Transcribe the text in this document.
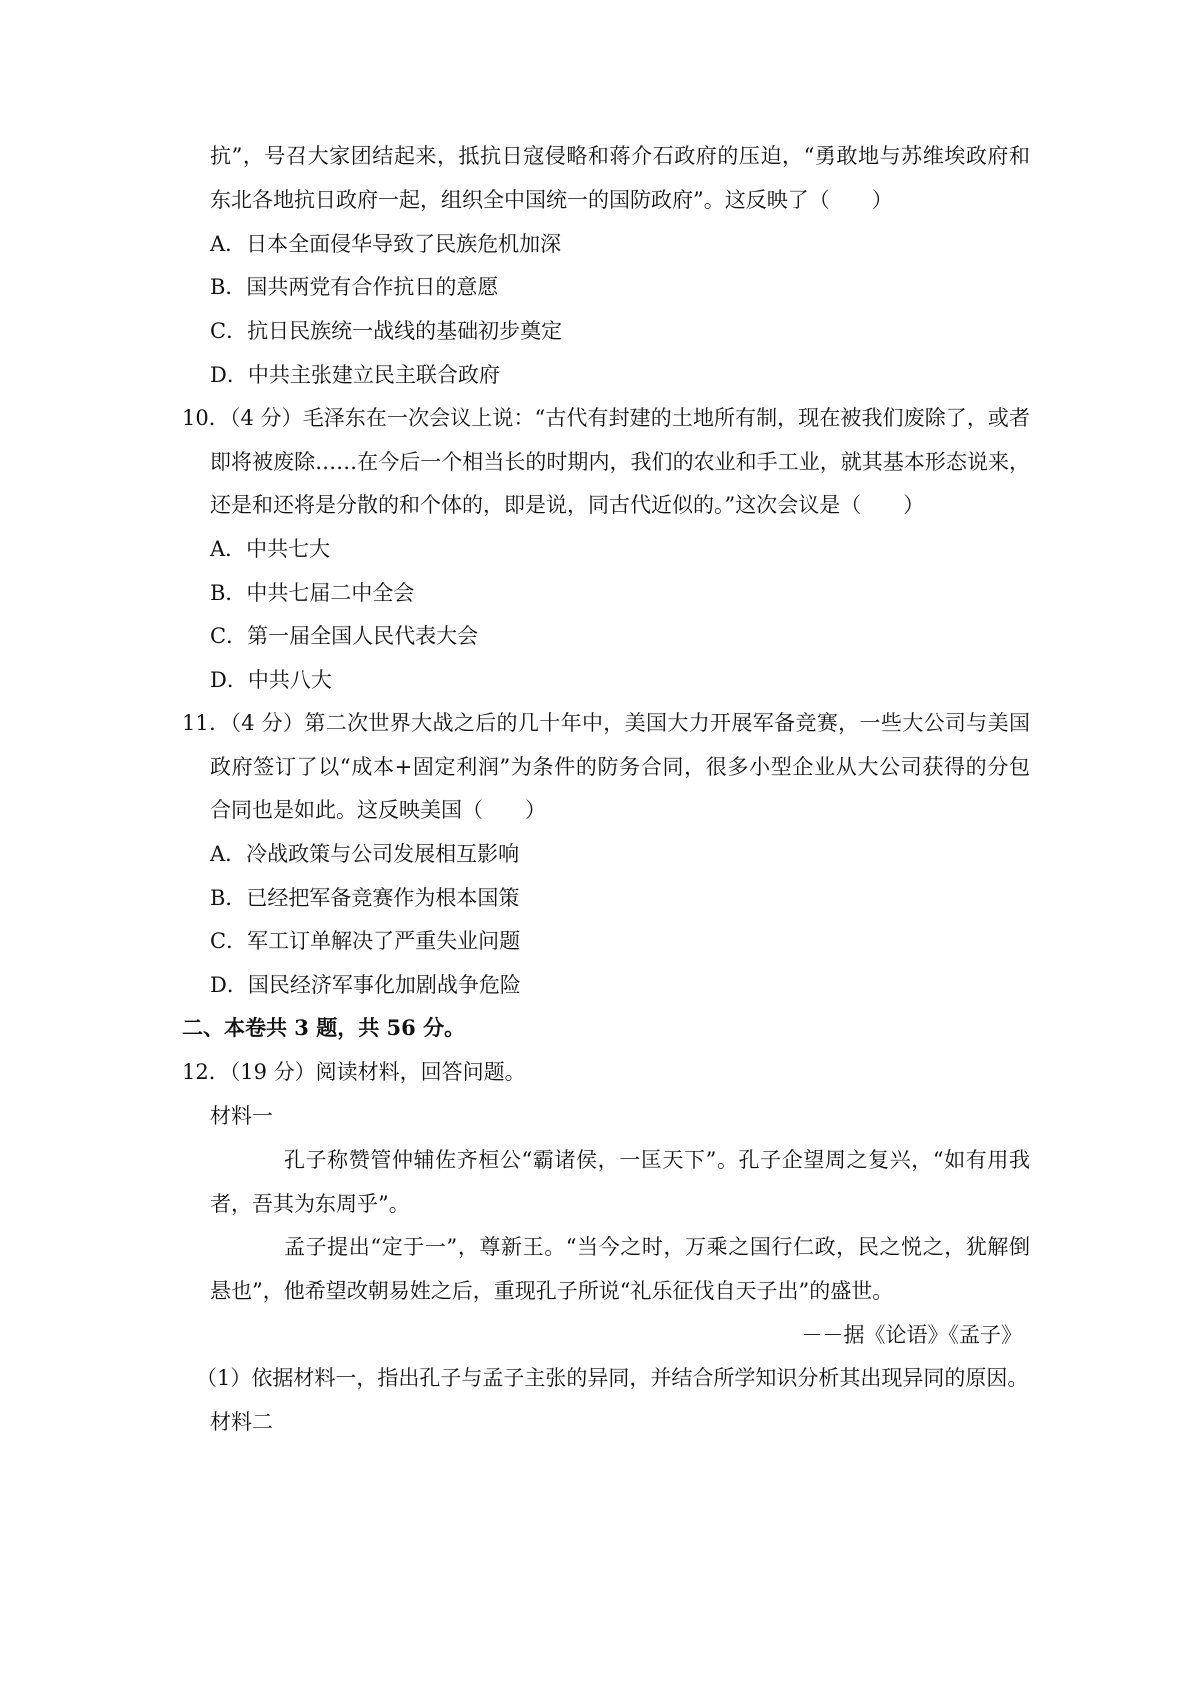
抗”，号召大家团结起来，抵抗日寇侵略和蒋介石政府的压迫，“勇敢地与苏维埃政府和
东北各地抗日政府一起，组织全中国统一的国防政府”。这反映了（　　）
A．日本全面侵华导致了民族危机加深
B．国共两党有合作抗日的意愿
C．抗日民族统一战线的基础初步奠定
D．中共主张建立民主联合政府
10．（4 分）毛泽东在一次会议上说：“古代有封建的土地所有制，现在被我们废除了，或者
即将被废除……在今后一个相当长的时期内，我们的农业和手工业，就其基本形态说来，
还是和还将是分散的和个体的，即是说，同古代近似的。”这次会议是（　　）
A．中共七大
B．中共七届二中全会
C．第一届全国人民代表大会
D．中共八大
11．（4 分）第二次世界大战之后的几十年中，美国大力开展军备竞赛，一些大公司与美国
政府签订了以“成本+固定利润”为条件的防务合同，很多小型企业从大公司获得的分包
合同也是如此。这反映美国（　　）
A．冷战政策与公司发展相互影响
B．已经把军备竞赛作为根本国策
C．军工订单解决了严重失业问题
D．国民经济军事化加剧战争危险
二、本卷共 3 题，共 56 分。
12．（19 分）阅读材料，回答问题。
材料一
孔子称赞管仲辅佐齐桓公“霸诸侯，一匡天下”。孔子企望周之复兴，“如有用我
者，吾其为东周乎”。
孟子提出“定于一”，尊新王。“当今之时，万乘之国行仁政，民之悦之，犹解倒
悬也”，他希望改朝易姓之后，重现孔子所说“礼乐征伐自天子出”的盛世。
－－据《论语》《孟子》
（1）依据材料一，指出孔子与孟子主张的异同，并结合所学知识分析其出现异同的原因。
材料二
